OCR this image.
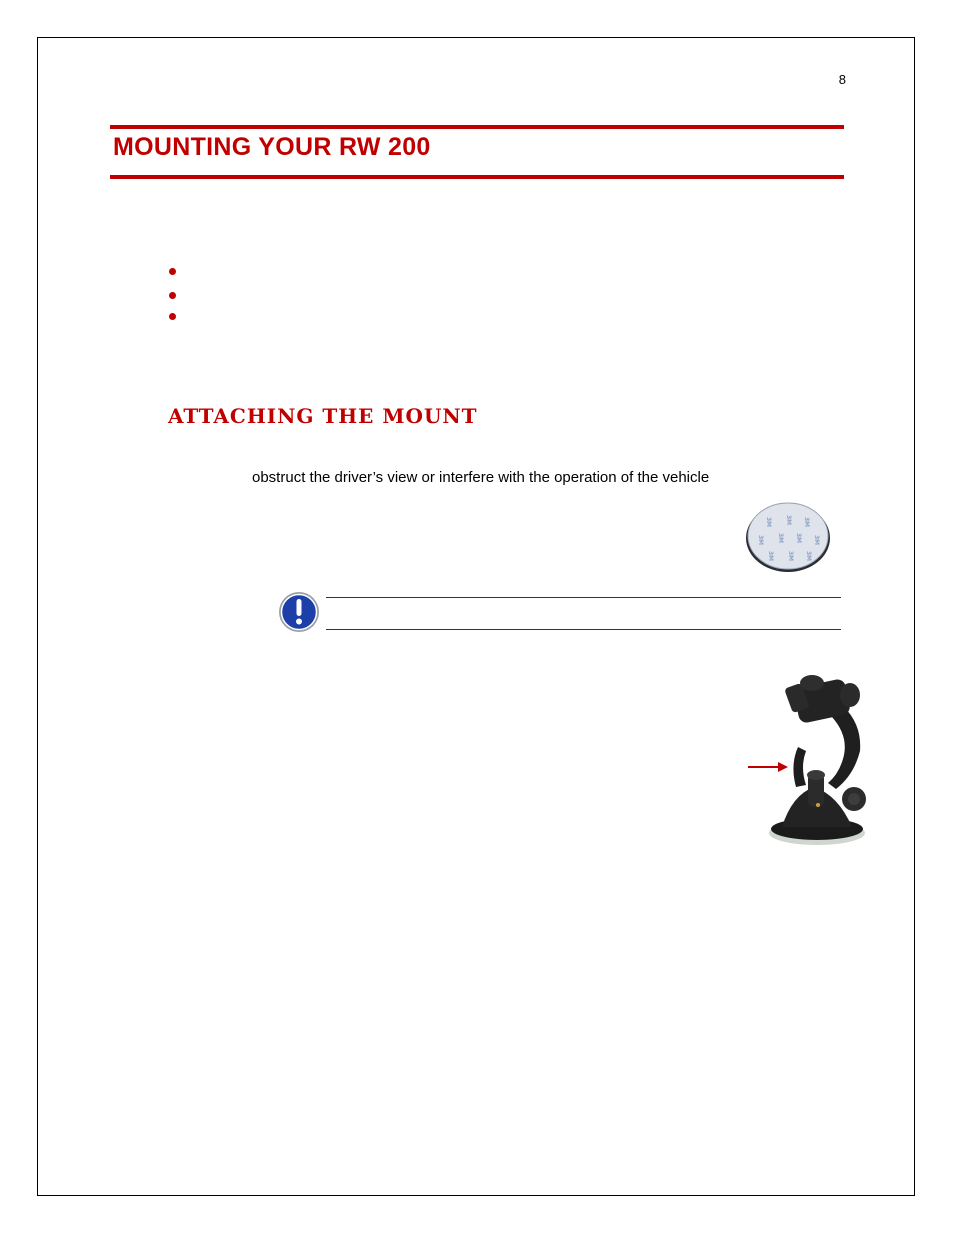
8
MOUNTING YOUR RW 200
ATTACHING THE MOUNT
obstruct the driver’s view or interfere with the operation of the vehicle
3M 3M 3M
3M 3M 3M 3M
3M 3M 3M
